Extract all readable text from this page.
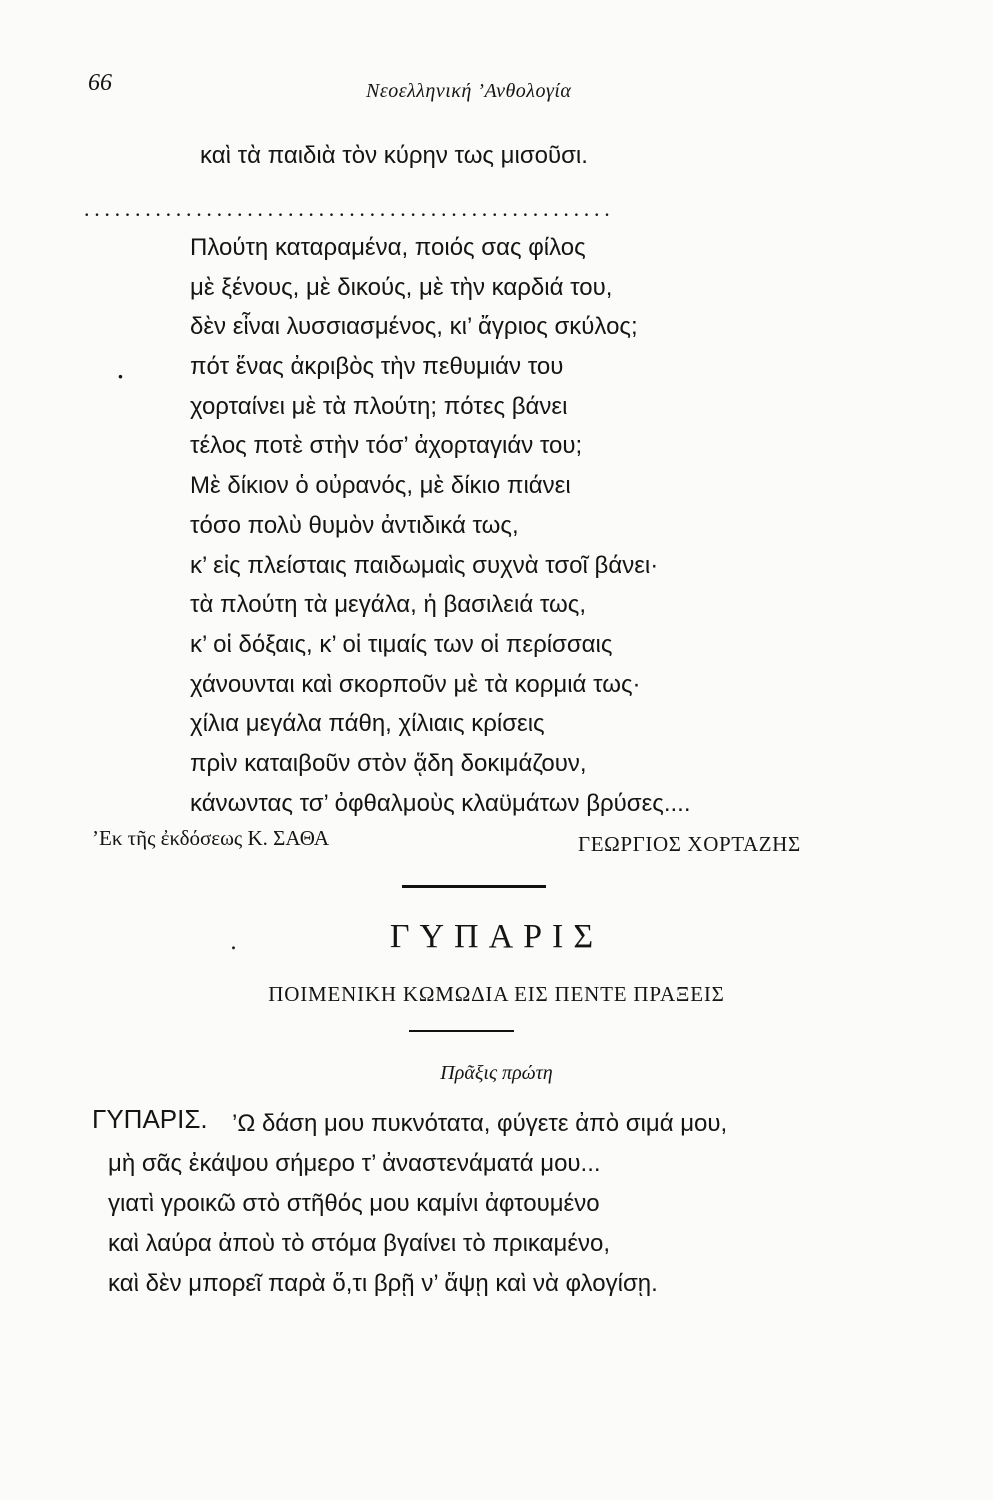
66	Νεοελληνική ’Ανθολογία
καὶ τὰ παιδιὰ τὸν κύρην τως μισοῦσι.
....................................................
.
Πλούτη καταραμένα, ποιός σας φίλος
μὲ ξένους, μὲ δικούς, μὲ τὴν καρδιά του,
δὲν εἶναι λυσσιασμένος, κι’ ἄγριος σκύλος;
πότ ἕνας ἀκριβὸς τὴν πεθυμιάν του
χορταίνει μὲ τὰ πλούτη; πότες βάνει
τέλος ποτὲ στὴν τόσ’ ἀχορταγιάν του;
Μὲ δίκιον ὁ οὐρανός, μὲ δίκιο πιάνει
τόσο πολὺ θυμὸν ἀντιδικά τως,
κ’ εἰς πλείσταις παιδωμαὶς συχνὰ τσοῖ βάνει·
τὰ πλούτη τὰ μεγάλα, ἡ βασιλειά τως,
κ’ οἱ δόξαις, κ’ οἱ τιμαίς των οἱ περίσσαις
χάνουνται καὶ σκορποῦν μὲ τὰ κορμιά τως·
χίλια μεγάλα πάθη, χίλιαις κρίσεις
πρὶν καταιβοῦν στὸν ᾅδη δοκιμάζουν,
κάνωντας τσ’ ὀφθαλμοὺς κλαϋμάτων βρύσες....
’Εκ τῆς ἐκδόσεως Κ. ΣΑΘΑ	ΓΕΩΡΓΙΟΣ ΧΟΡΤΑΖΗΣ
.	ΓΥΠΑΡΙΣ
ΠΟΙΜΕΝΙΚΗ ΚΩΜΩΔΙΑ ΕΙΣ ΠΕΝΤΕ ΠΡΑΞΕΙΣ
Πρᾶξις πρώτη
ΓΥΠΑΡΙΣ. ’Ω δάση μου πυκνότατα, φύγετε ἀπὸ σιμά μου,
μὴ σᾶς ἐκάψου σήμερο τ’ ἀναστενάματά μου...
γιατὶ γροικῶ στὸ στῆθός μου καμίνι ἀφτουμένο
καὶ λαύρα ἀποὺ τὸ στόμα βγαίνει τὸ πρικαμένο,
καὶ δὲν μπορεῖ παρὰ ὅ,τι βρῇ ν’ ἅψῃ καὶ νὰ φλογίσῃ.
